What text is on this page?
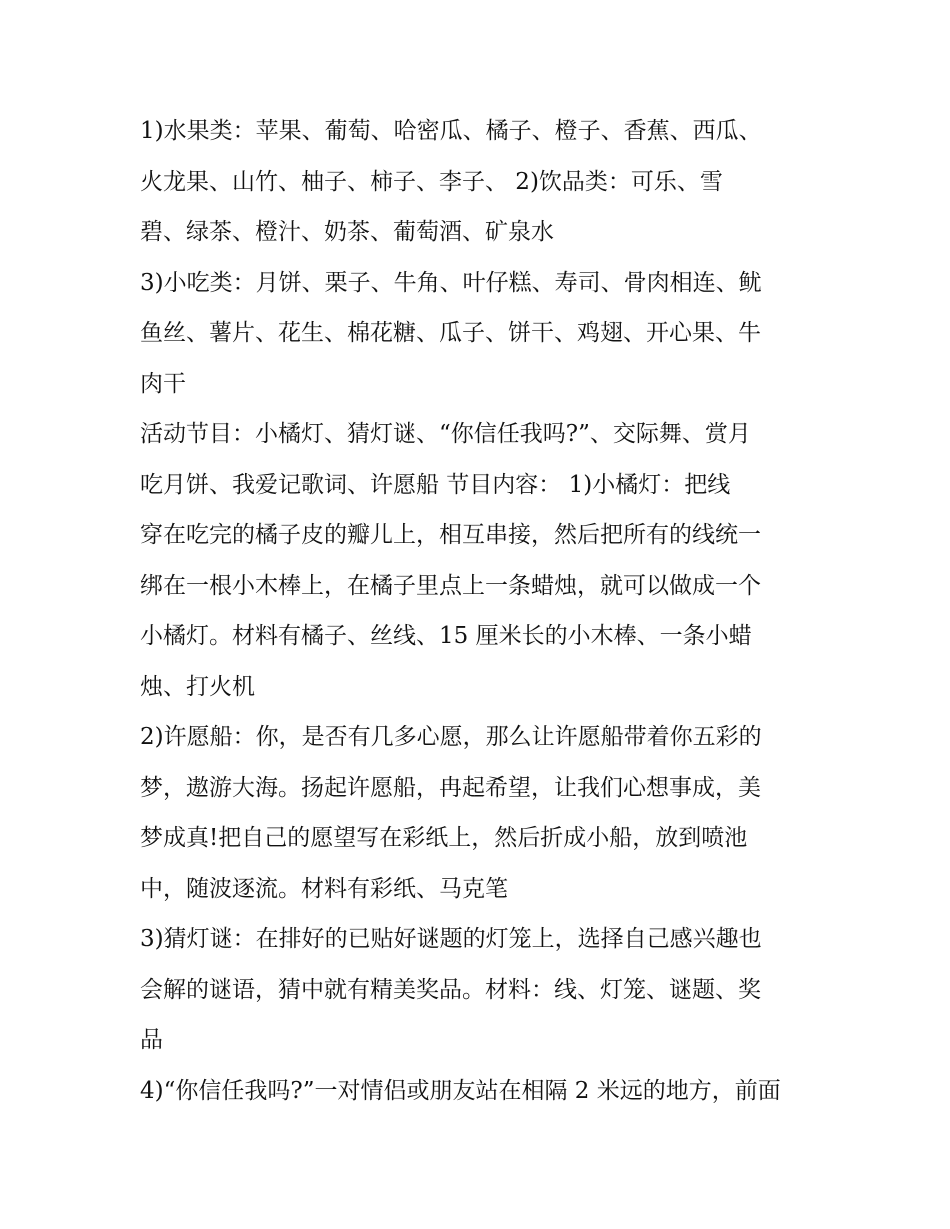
1)水果类：苹果、葡萄、哈密瓜、橘子、橙子、香蕉、西瓜、
火龙果、山竹、柚子、柿子、李子、 2)饮品类：可乐、雪
碧、绿茶、橙汁、奶茶、葡萄酒、矿泉水
3)小吃类：月饼、栗子、牛角、叶仔糕、寿司、骨肉相连、鱿
鱼丝、薯片、花生、棉花糖、瓜子、饼干、鸡翅、开心果、牛
肉干
活动节目：小橘灯、猜灯谜、“你信任我吗?”、交际舞、赏月
吃月饼、我爱记歌词、许愿船 节目内容： 1)小橘灯：把线
穿在吃完的橘子皮的瓣儿上，相互串接，然后把所有的线统一
绑在一根小木棒上，在橘子里点上一条蜡烛，就可以做成一个
小橘灯。材料有橘子、丝线、15 厘米长的小木棒、一条小蜡
烛、打火机
2)许愿船：你，是否有几多心愿，那么让许愿船带着你五彩的
梦，遨游大海。扬起许愿船，冉起希望，让我们心想事成，美
梦成真!把自己的愿望写在彩纸上，然后折成小船，放到喷池
中，随波逐流。材料有彩纸、马克笔
3)猜灯谜：在排好的已贴好谜题的灯笼上，选择自己感兴趣也
会解的谜语，猜中就有精美奖品。材料：线、灯笼、谜题、奖
品
4)“你信任我吗?”一对情侣或朋友站在相隔 2 米远的地方，前面
